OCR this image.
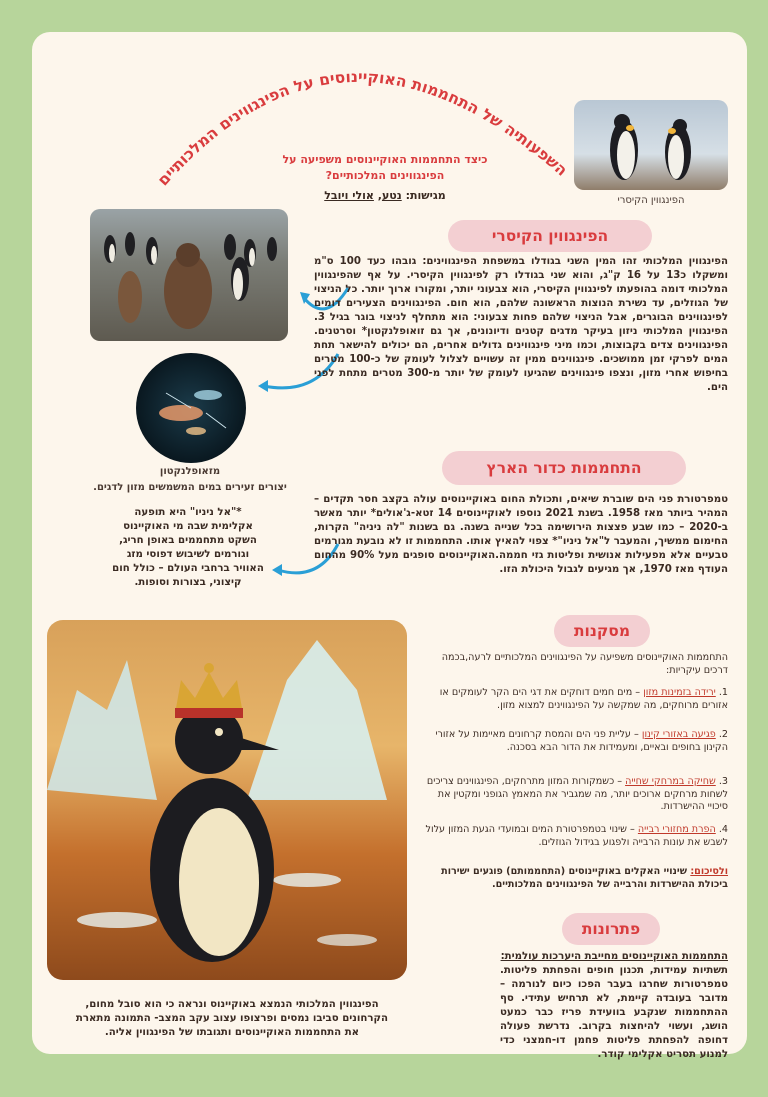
השפעותיה של התחממות האוקיינוסים על הפינגווינים המלכותיים
כיצד התחממות האוקיינוסים משפיעה על הפינגווינים המלכותיים?
מגישות: נטע, אולי ויובל	הפינגווין הקיסרי
מזאופלנקטון
יצורים זעירים במים המשמשים מזון לדגים.
*"אל ניניו" היא תופעה אקלימית שבה מי האוקיינוס השקט מתחממים באופן חריג, וגורמים לשיבוש דפוסי מזג האוויר ברחבי העולם – כולל חום קיצוני, בצורות וסופות.
הפינגווין הקיסרי

הפינגווין המלכותי זהו המין השני בגודלו במשפחת הפינגווינים: גובהו כעד 100 ס"מ ומשקלו כ13 על 16 ק"ג, והוא שני בגודלו רק לפינגווין הקיסרי. על אף שהפינגווין המלכותי דומה בהופעתו לפינגווין הקיסרי, הוא צבעוני יותר, ומקורו ארוך יותר. כל הניצוי של הגוזלים, עד נשירת הנוצות הראשונה שלהם, הוא חום. הפינגווינים הצעירים דומים לפינגווינים הבוגרים, אבל הניצוי שלהם פחות צבעוני: הוא מתחלף לניצוי בוגר בגיל 3. הפינגווין המלכותי ניזון בעיקר מדגים קטנים ודיונונים, אך גם זואופלנקטון* וסרטנים. הפינגווינים צדים בקבוצות, וכמו מיני פינגווינים גדולים אחרים, הם יכולים להישאר תחת המים לפרקי זמן ממושכים. פינגווינים ממין זה עשויים לצלול לעומק של כ-100 מטרים בחיפוש אחרי מזון, ונצפו פינגווינים שהגיעו לעומק של יותר מ-300 מטרים מתחת לפני הים.

התחממות כדור הארץ

טמפרטורת פני הים שוברת שיאים, ותכולת החום באוקיינוסים עולה בקצב חסר תקדים – המהיר ביותר מאז 1958. בשנת 2021 נוספו לאוקיינוסים 14 זטא-ג'אולים* יותר מאשר ב-2020 – כמו שבע פצצות הירושימה בכל שנייה בשנה. גם בשנות "לה ניניה" הקרות, החימום ממשיך, והמעבר ל"אל ניניו"* צפוי להאיץ אותו. התחממות זו לא נובעת מגורמים טבעיים אלא מפעילות אנושית ופליטות גזי חממה.האוקיינוסים סופגים מעל 90% מהחום העודף מאז 1970, אך מגיעים לגבול היכולת הזו.

הפינגווין המלכותי הנמצא באוקיינוס ונראה כי הוא סובל מחום, הקרחונים סביבו נמסים ופרצופו עצוב עקב המצב- התמונה מתארת את התחממות האוקיינוסים ותגובתו של הפינגווין אליה.
מסקנות

התחממות האוקיינוסים משפיעה על הפינגווינים המלכותיים לרעה,בכמה דרכים עיקריות:

1. ירידה בזמינות מזון – מים חמים דוחקים את דגי הים הקר לעומקים או אזורים מרוחקים, מה שמקשה על הפינגווינים למצוא מזון.

2. פגיעה באזורי קינון – עליית פני הים והמסת קרחונים מאיימות על אזורי הקינון בחופים ובאיים, ומעמידות את הדור הבא בסכנה.

3. שחיקה במרחקי שחייה – כשמקורות המזון מתרחקים, הפינגווינים צריכים לשחות מרחקים ארוכים יותר, מה שמגביר את המאמץ הגופני ומקטין את סיכויי ההישרדות.

4. הפרת מחזורי רבייה – שינוי בטמפרטורת המים ובמועדי הגעת המזון עלול לשבש את עונות הרבייה ולפגוע בגידול הגוזלים.

ולסיכום: שינויי האקלים באוקיינוסים (התחממותם) פוגעים ישירות ביכולת ההישרדות והרבייה של הפינגווינים המלכותיים.

פתרונות

התחממות האוקיינוסים מחייבת היערכות עולמית:

תשתיות עמידות, תכנון חופים והפחתת פליטות. טמפרטורות שחרגו בעבר הפכו כיום לנורמה – מדובר בעובדה קיימת, לא תרחיש עתידי. סף ההתחממות שנקבע בוועידת פריז כבר כמעט הושג, ועשוי להיחצות בקרוב. נדרשת פעולה דחופה להפחתת פליטות פחמן דו-חמצני כדי למנוע תסריט אקלימי קודר.
